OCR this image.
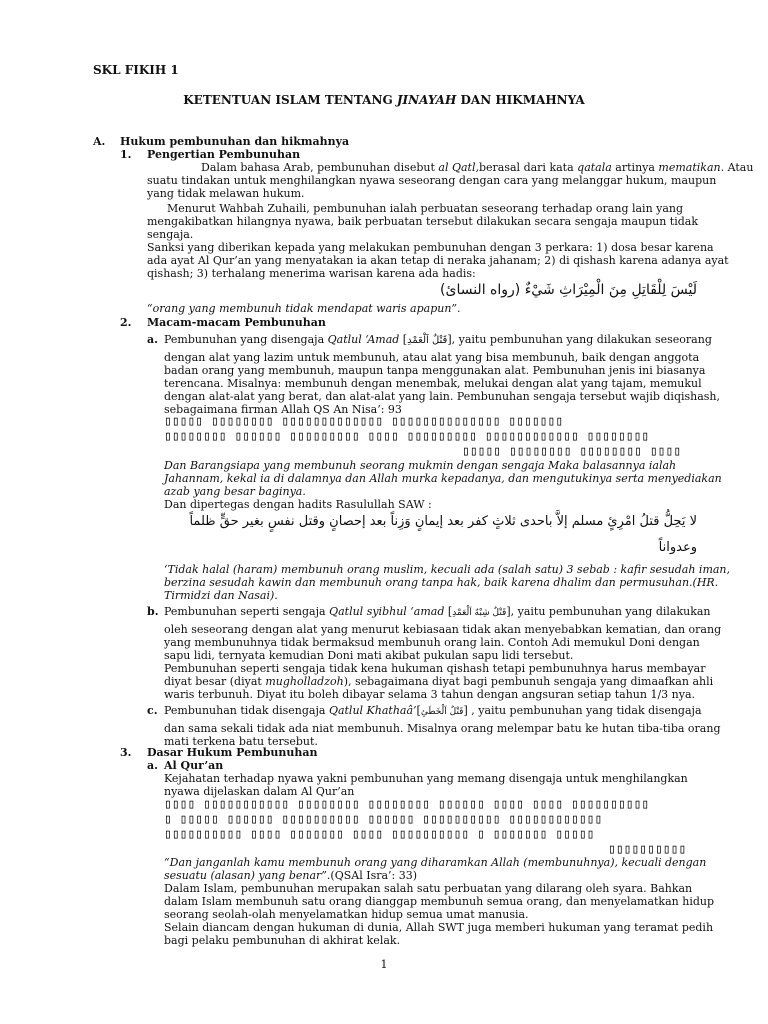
SKL FIKIH 1
KETENTUAN ISLAM TENTANG JINAYAH DAN HIKMAHNYA
A. Hukum pembunuhan dan hikmahnya
1. Pengertian Pembunuhan
Dalam bahasa Arab, pembunuhan disebut al Qatl,berasal dari kata qatala artinya mematikan. Atau
suatu tindakan untuk menghilangkan nyawa seseorang dengan cara yang melanggar hukum, maupun
yang tidak melawan hukum.
Menurut Wahbah Zuhaili, pembunuhan ialah perbuatan seseorang terhadap orang lain yang
mengakibatkan hilangnya nyawa, baik perbuatan tersebut dilakukan secara sengaja maupun tidak
sengaja.
Sanksi yang diberikan kepada yang melakukan pembunuhan dengan 3 perkara: 1) dosa besar karena
ada ayat Al Qur’an yang menyatakan ia akan tetap di neraka jahanam; 2) di qishash karena adanya ayat
qishash; 3) terhalang menerima warisan karena ada hadis:
لَيْسَ لِلْقَاتِلِ مِنَ الْمِيْرَاثِ شَيْءٌ (رواه النسائ)
“orang yang membunuh tidak mendapat waris apapun”.
2. Macam-macam Pembunuhan
a. Pembunuhan yang disengaja Qatlul ‘Amad [قَتْلٌ اَلْعَمْدِ], yaitu pembunuhan yang dilakukan seseorang
dengan alat yang lazim untuk membunuh, atau alat yang bisa membunuh, baik dengan anggota
badan orang yang membunuh, maupun tanpa menggunakan alat. Pembunuhan jenis ini biasanya
terencana. Misalnya: membunuh dengan menembak, melukai dengan alat yang tajam, memukul
dengan alat-alat yang berat, dan alat-alat yang lain. Pembunuhan sengaja tersebut wajib diqishash,
sebagaimana firman Allah QS An Nisa’: 93
▯▯▯▯▯ ▯▯▯▯▯▯▯▯ ▯▯▯▯▯▯▯▯▯▯▯▯▯ ▯▯▯▯▯▯▯▯▯▯▯▯▯▯ ▯▯▯▯▯▯▯
▯▯▯▯▯▯▯▯ ▯▯▯▯▯▯ ▯▯▯▯▯▯▯▯▯ ▯▯▯▯ ▯▯▯▯▯▯▯▯▯ ▯▯▯▯▯▯▯▯▯▯▯▯ ▯▯▯▯▯▯▯▯
▯▯▯▯▯ ▯▯▯▯▯▯▯▯ ▯▯▯▯▯▯▯▯ ▯▯▯▯
Dan Barangsiapa yang membunuh seorang mukmin dengan sengaja Maka balasannya ialah
Jahannam, kekal ia di dalamnya dan Allah murka kepadanya, dan mengutukinya serta menyediakan
azab yang besar baginya.
Dan dipertegas dengan hadits Rasulullah SAW :
لا يَحِلُّ قتلُ امْرِئٍ مسلم إلاَّ باحدى ثلاثٍ كفر بعد إيمانٍ وَزِناً بعد إحصانٍ وقتل نفسٍ بغير حقٍّ ظلماً
وعدواناً
‘Tidak halal (haram) membunuh orang muslim, kecuali ada (salah satu) 3 sebab : kafir sesudah iman,
berzina sesudah kawin dan membunuh orang tanpa hak, baik karena dhalim dan permusuhan.(HR.
Tirmidzi dan Nasai).
b. Pembunuhan seperti sengaja Qatlul syibhul ‘amad [قَتْلٌ شِبْهُ اَلْعَمْدِ], yaitu pembunuhan yang dilakukan
oleh seseorang dengan alat yang menurut kebiasaan tidak akan menyebabkan kematian, dan orang
yang membunuhnya tidak bermaksud membunuh orang lain. Contoh Adi memukul Doni dengan
sapu lidi, ternyata kemudian Doni mati akibat pukulan sapu lidi tersebut.
Pembunuhan seperti sengaja tidak kena hukuman qishash tetapi pembunuhnya harus membayar
diyat besar (diyat mugholladzoh), sebagaimana diyat bagi pembunuh sengaja yang dimaafkan ahli
waris terbunuh. Diyat itu boleh dibayar selama 3 tahun dengan angsuran setiap tahun 1/3 nya.
c. Pembunuhan tidak disengaja Qatlul Khathaâ’[قَتْلٌ اَلْخَطَئِ] , yaitu pembunuhan yang tidak disengaja
dan sama sekali tidak ada niat membunuh. Misalnya orang melempar batu ke hutan tiba-tiba orang
mati terkena batu tersebut.
3. Dasar Hukum Pembunuhan
a. Al Qur’an
Kejahatan terhadap nyawa yakni pembunuhan yang memang disengaja untuk menghilangkan
nyawa dijelaskan dalam Al Qur’an
▯▯▯▯ ▯▯▯▯▯▯▯▯▯▯▯ ▯▯▯▯▯▯▯▯ ▯▯▯▯▯▯▯▯ ▯▯▯▯▯▯ ▯▯▯▯ ▯▯▯▯ ▯▯▯▯▯▯▯▯▯▯
▯ ▯▯▯▯▯ ▯▯▯▯▯▯ ▯▯▯▯▯▯▯▯▯▯ ▯▯▯▯▯▯ ▯▯▯▯▯▯▯▯▯▯ ▯▯▯▯▯▯▯▯▯▯▯▯
▯▯▯▯▯▯▯▯▯▯ ▯▯▯▯ ▯▯▯▯▯▯▯ ▯▯▯▯ ▯▯▯▯▯▯▯▯▯▯ ▯ ▯▯▯▯▯▯▯ ▯▯▯▯▯
▯▯▯▯▯▯▯▯▯▯
“Dan janganlah kamu membunuh orang yang diharamkan Allah (membunuhnya), kecuali dengan
sesuatu (alasan) yang benar”.(QSAl Isra’: 33)
Dalam Islam, pembunuhan merupakan salah satu perbuatan yang dilarang oleh syara. Bahkan
dalam Islam membunuh satu orang dianggap membunuh semua orang, dan menyelamatkan hidup
seorang seolah-olah menyelamatkan hidup semua umat manusia.
Selain diancam dengan hukuman di dunia, Allah SWT juga memberi hukuman yang teramat pedih
bagi pelaku pembunuhan di akhirat kelak.
1
